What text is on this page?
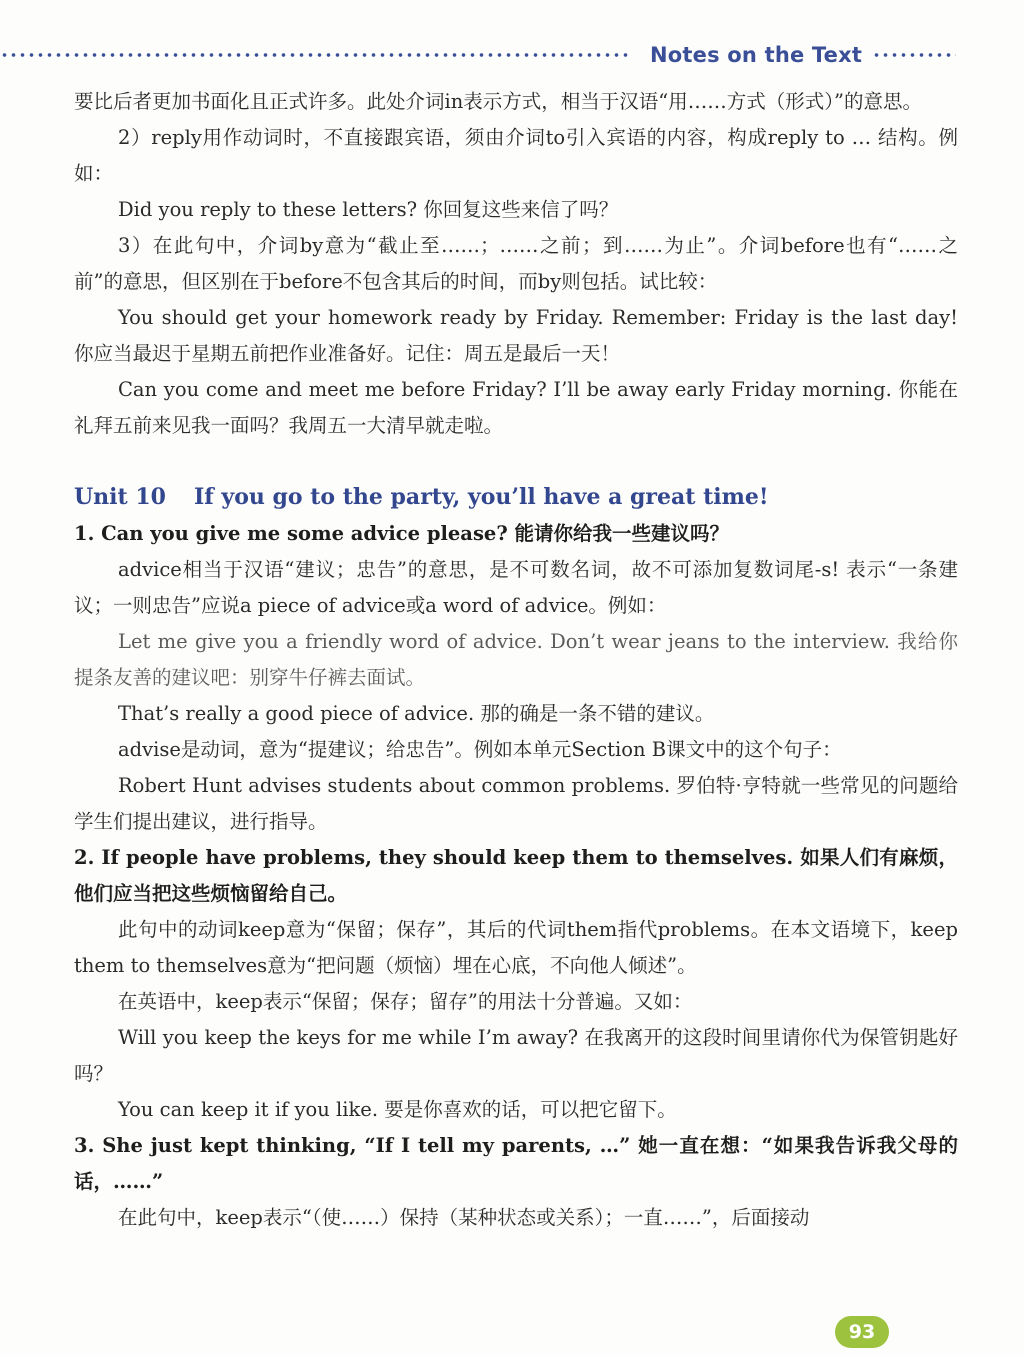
Notes on the Text

要比后者更加书面化且正式许多。此处介词in表示方式，相当于汉语“用……方式（形式）”的意思。

2）reply用作动词时，不直接跟宾语，须由介词to引入宾语的内容，构成reply to … 结构。例如：

Did you reply to these letters? 你回复这些来信了吗？

3）在此句中，介词by意为“截止至……；……之前；到……为止”。介词before也有“……之前”的意思，但区别在于before不包含其后的时间，而by则包括。试比较：

You should get your homework ready by Friday. Remember: Friday is the last day! 你应当最迟于星期五前把作业准备好。记住：周五是最后一天！

Can you come and meet me before Friday? I’ll be away early Friday morning. 你能在礼拜五前来见我一面吗？我周五一大清早就走啦。

Unit 10 If you go to the party, you’ll have a great time!

1. Can you give me some advice please? 能请你给我一些建议吗？

advice相当于汉语“建议；忠告”的意思，是不可数名词，故不可添加复数词尾-s! 表示“一条建议；一则忠告”应说a piece of advice或a word of advice。例如：

Let me give you a friendly word of advice. Don’t wear jeans to the interview. 我给你提条友善的建议吧：别穿牛仔裤去面试。

That’s really a good piece of advice. 那的确是一条不错的建议。

advise是动词，意为“提建议；给忠告”。例如本单元Section B课文中的这个句子：

Robert Hunt advises students about common problems. 罗伯特·亨特就一些常见的问题给学生们提出建议，进行指导。

2. If people have problems, they should keep them to themselves. 如果人们有麻烦，他们应当把这些烦恼留给自己。

此句中的动词keep意为“保留；保存”，其后的代词them指代problems。在本文语境下，keep them to themselves意为“把问题（烦恼）埋在心底，不向他人倾述”。

在英语中，keep表示“保留；保存；留存”的用法十分普遍。又如：

Will you keep the keys for me while I’m away? 在我离开的这段时间里请你代为保管钥匙好吗？

You can keep it if you like. 要是你喜欢的话，可以把它留下。

3. She just kept thinking, “If I tell my parents, …” 她一直在想：“如果我告诉我父母的话，……”

在此句中，keep表示“（使……）保持（某种状态或关系）；一直……”，后面接动

93
